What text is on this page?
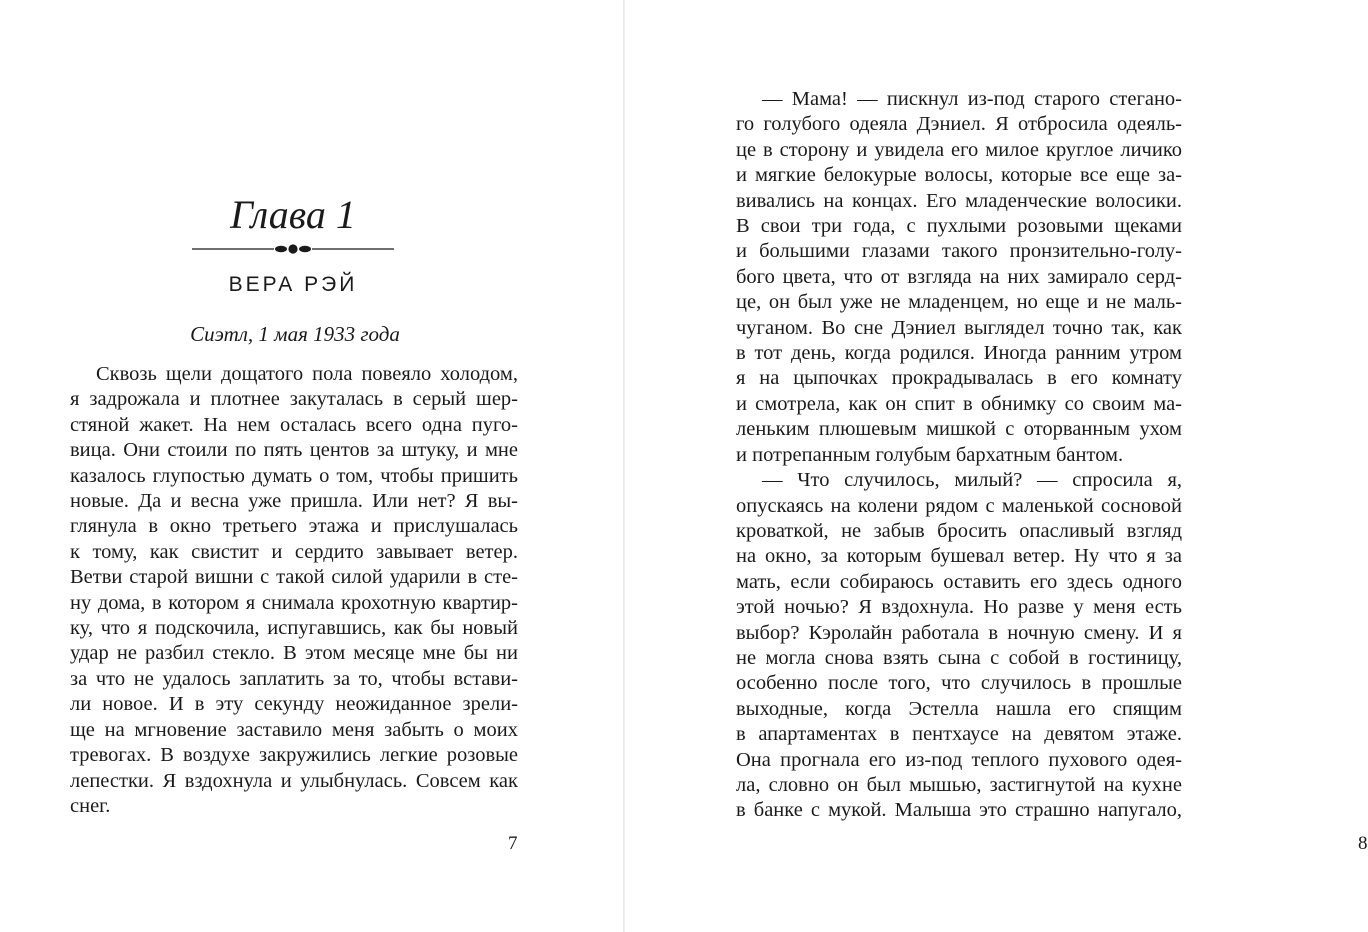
Глава 1
ВЕРА РЭЙ
Сиэтл, 1 мая 1933 года
Сквозь щели дощатого пола повеяло холодом,
я задрожала и плотнее закуталась в серый шер-
стяной жакет. На нем осталась всего одна пуго-
вица. Они стоили по пять центов за штуку, и мне
казалось глупостью думать о том, чтобы пришить
новые. Да и весна уже пришла. Или нет? Я вы-
глянула в окно третьего этажа и прислушалась
к тому, как свистит и сердито завывает ветер.
Ветви старой вишни с такой силой ударили в сте-
ну дома, в котором я снимала крохотную квартир-
ку, что я подскочила, испугавшись, как бы новый
удар не разбил стекло. В этом месяце мне бы ни
за что не удалось заплатить за то, чтобы встави-
ли новое. И в эту секунду неожиданное зрели-
ще на мгновение заставило меня забыть о моих
тревогах. В воздухе закружились легкие розовые
лепестки. Я вздохнула и улыбнулась. Совсем как
снег.
7	8
— Мама! — пискнул из-под старого стегано-
го голубого одеяла Дэниел. Я отбросила одеяль-
це в сторону и увидела его милое круглое личико
и мягкие белокурые волосы, которые все еще за-
вивались на концах. Его младенческие волосики.
В свои три года, с пухлыми розовыми щеками
и большими глазами такого пронзительно-голу-
бого цвета, что от взгляда на них замирало серд-
це, он был уже не младенцем, но еще и не маль-
чуганом. Во сне Дэниел выглядел точно так, как
в тот день, когда родился. Иногда ранним утром
я на цыпочках прокрадывалась в его комнату
и смотрела, как он спит в обнимку со своим ма-
леньким плюшевым мишкой с оторванным ухом
и потрепанным голубым бархатным бантом.
— Что случилось, милый? — спросила я,
опускаясь на колени рядом с маленькой сосновой
кроваткой, не забыв бросить опасливый взгляд
на окно, за которым бушевал ветер. Ну что я за
мать, если собираюсь оставить его здесь одного
этой ночью? Я вздохнула. Но разве у меня есть
выбор? Кэролайн работала в ночную смену. И я
не могла снова взять сына с собой в гостиницу,
особенно после того, что случилось в прошлые
выходные, когда Эстелла нашла его спящим
в апартаментах в пентхаусе на девятом этаже.
Она прогнала его из-под теплого пухового одея-
ла, словно он был мышью, застигнутой на кухне
в банке с мукой. Малыша это страшно напугало,
